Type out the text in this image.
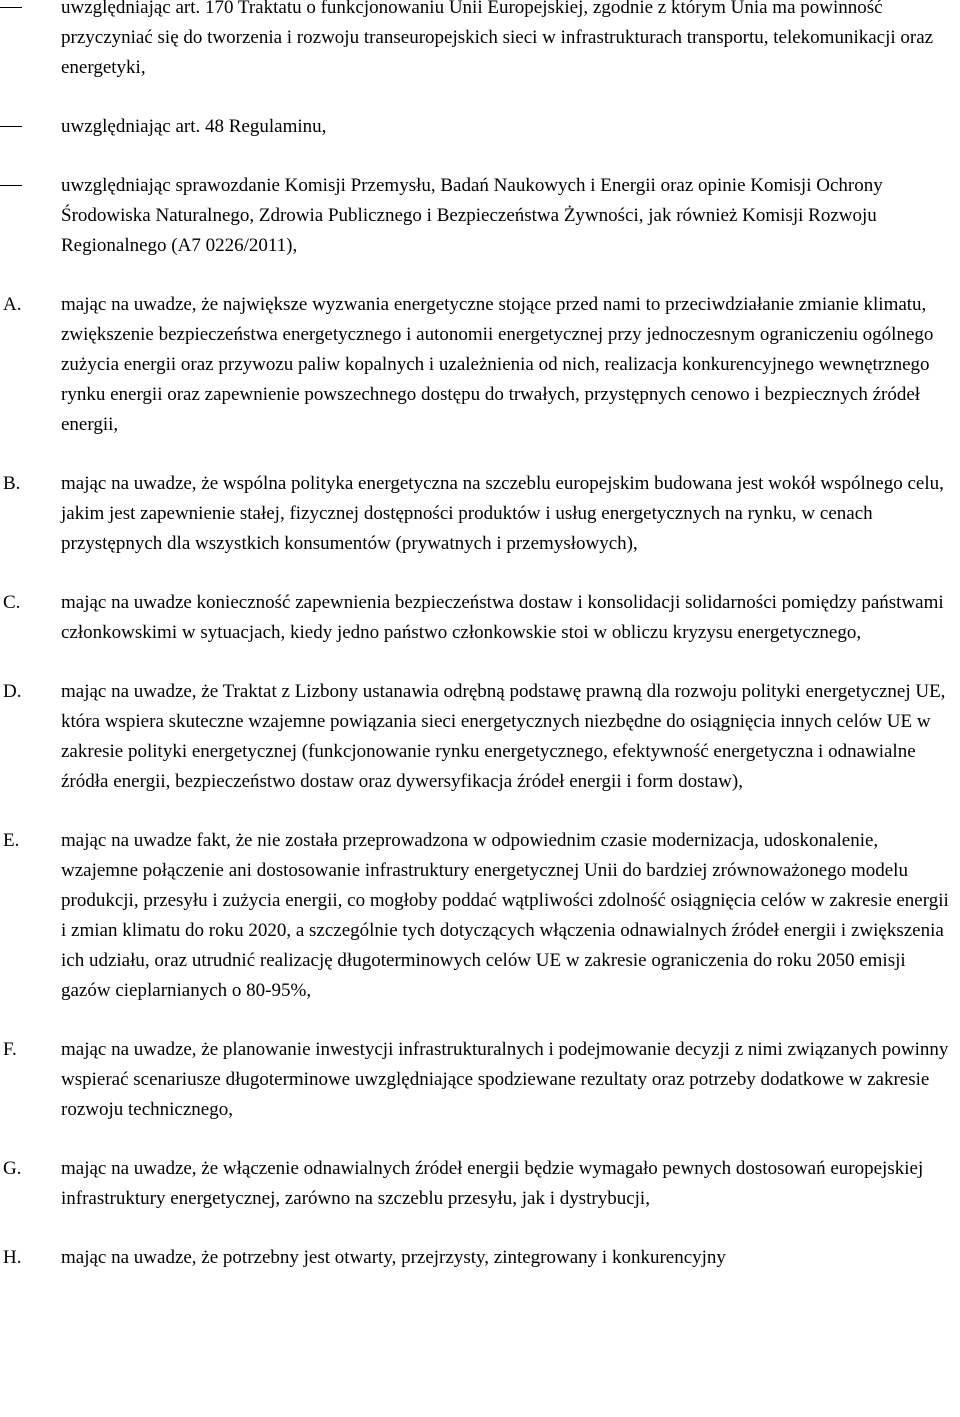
uwzględniając art. 170 Traktatu o funkcjonowaniu Unii Europejskiej, zgodnie z którym Unia ma powinność przyczyniać się do tworzenia i rozwoju transeuropejskich sieci w infrastrukturach transportu, telekomunikacji oraz energetyki,
uwzględniając art. 48 Regulaminu,
uwzględniając sprawozdanie Komisji Przemysłu, Badań Naukowych i Energii oraz opinie Komisji Ochrony Środowiska Naturalnego, Zdrowia Publicznego i Bezpieczeństwa Żywności, jak również Komisji Rozwoju Regionalnego (A7 0226/2011),
A.	mając na uwadze, że największe wyzwania energetyczne stojące przed nami to przeciwdziałanie zmianie klimatu, zwiększenie bezpieczeństwa energetycznego i autonomii energetycznej przy jednoczesnym ograniczeniu ogólnego zużycia energii oraz przywozu paliw kopalnych i uzależnienia od nich, realizacja konkurencyjnego wewnętrznego rynku energii oraz zapewnienie powszechnego dostępu do trwałych, przystępnych cenowo i bezpiecznych źródeł energii,
B.	mając na uwadze, że wspólna polityka energetyczna na szczeblu europejskim budowana jest wokół wspólnego celu, jakim jest zapewnienie stałej, fizycznej dostępności produktów i usług energetycznych na rynku, w cenach przystępnych dla wszystkich konsumentów (prywatnych i przemysłowych),
C.	mając na uwadze konieczność zapewnienia bezpieczeństwa dostaw i konsolidacji solidarności pomiędzy państwami członkowskimi w sytuacjach, kiedy jedno państwo członkowskie stoi w obliczu kryzysu energetycznego,
D.	mając na uwadze, że Traktat z Lizbony ustanawia odrębną podstawę prawną dla rozwoju polityki energetycznej UE, która wspiera skuteczne wzajemne powiązania sieci energetycznych niezbędne do osiągnięcia innych celów UE w zakresie polityki energetycznej (funkcjonowanie rynku energetycznego, efektywność energetyczna i odnawialne źródła energii, bezpieczeństwo dostaw oraz dywersyfikacja źródeł energii i form dostaw),
E.	mając na uwadze fakt, że nie została przeprowadzona w odpowiednim czasie modernizacja, udoskonalenie, wzajemne połączenie ani dostosowanie infrastruktury energetycznej Unii do bardziej zrównoważonego modelu produkcji, przesyłu i zużycia energii, co mogłoby poddać wątpliwości zdolność osiągnięcia celów w zakresie energii i zmian klimatu do roku 2020, a szczególnie tych dotyczących włączenia odnawialnych źródeł energii i zwiększenia ich udziału, oraz utrudnić realizację długoterminowych celów UE w zakresie ograniczenia do roku 2050 emisji gazów cieplarnianych o 80-95%,
F.	mając na uwadze, że planowanie inwestycji infrastrukturalnych i podejmowanie decyzji z nimi związanych powinny wspierać scenariusze długoterminowe uwzględniające spodziewane rezultaty oraz potrzeby dodatkowe w zakresie rozwoju technicznego,
G.	mając na uwadze, że włączenie odnawialnych źródeł energii będzie wymagało pewnych dostosowań europejskiej infrastruktury energetycznej, zarówno na szczeblu przesyłu, jak i dystrybucji,
H.	mając na uwadze, że potrzebny jest otwarty, przejrzysty, zintegrowany i konkurencyjny
